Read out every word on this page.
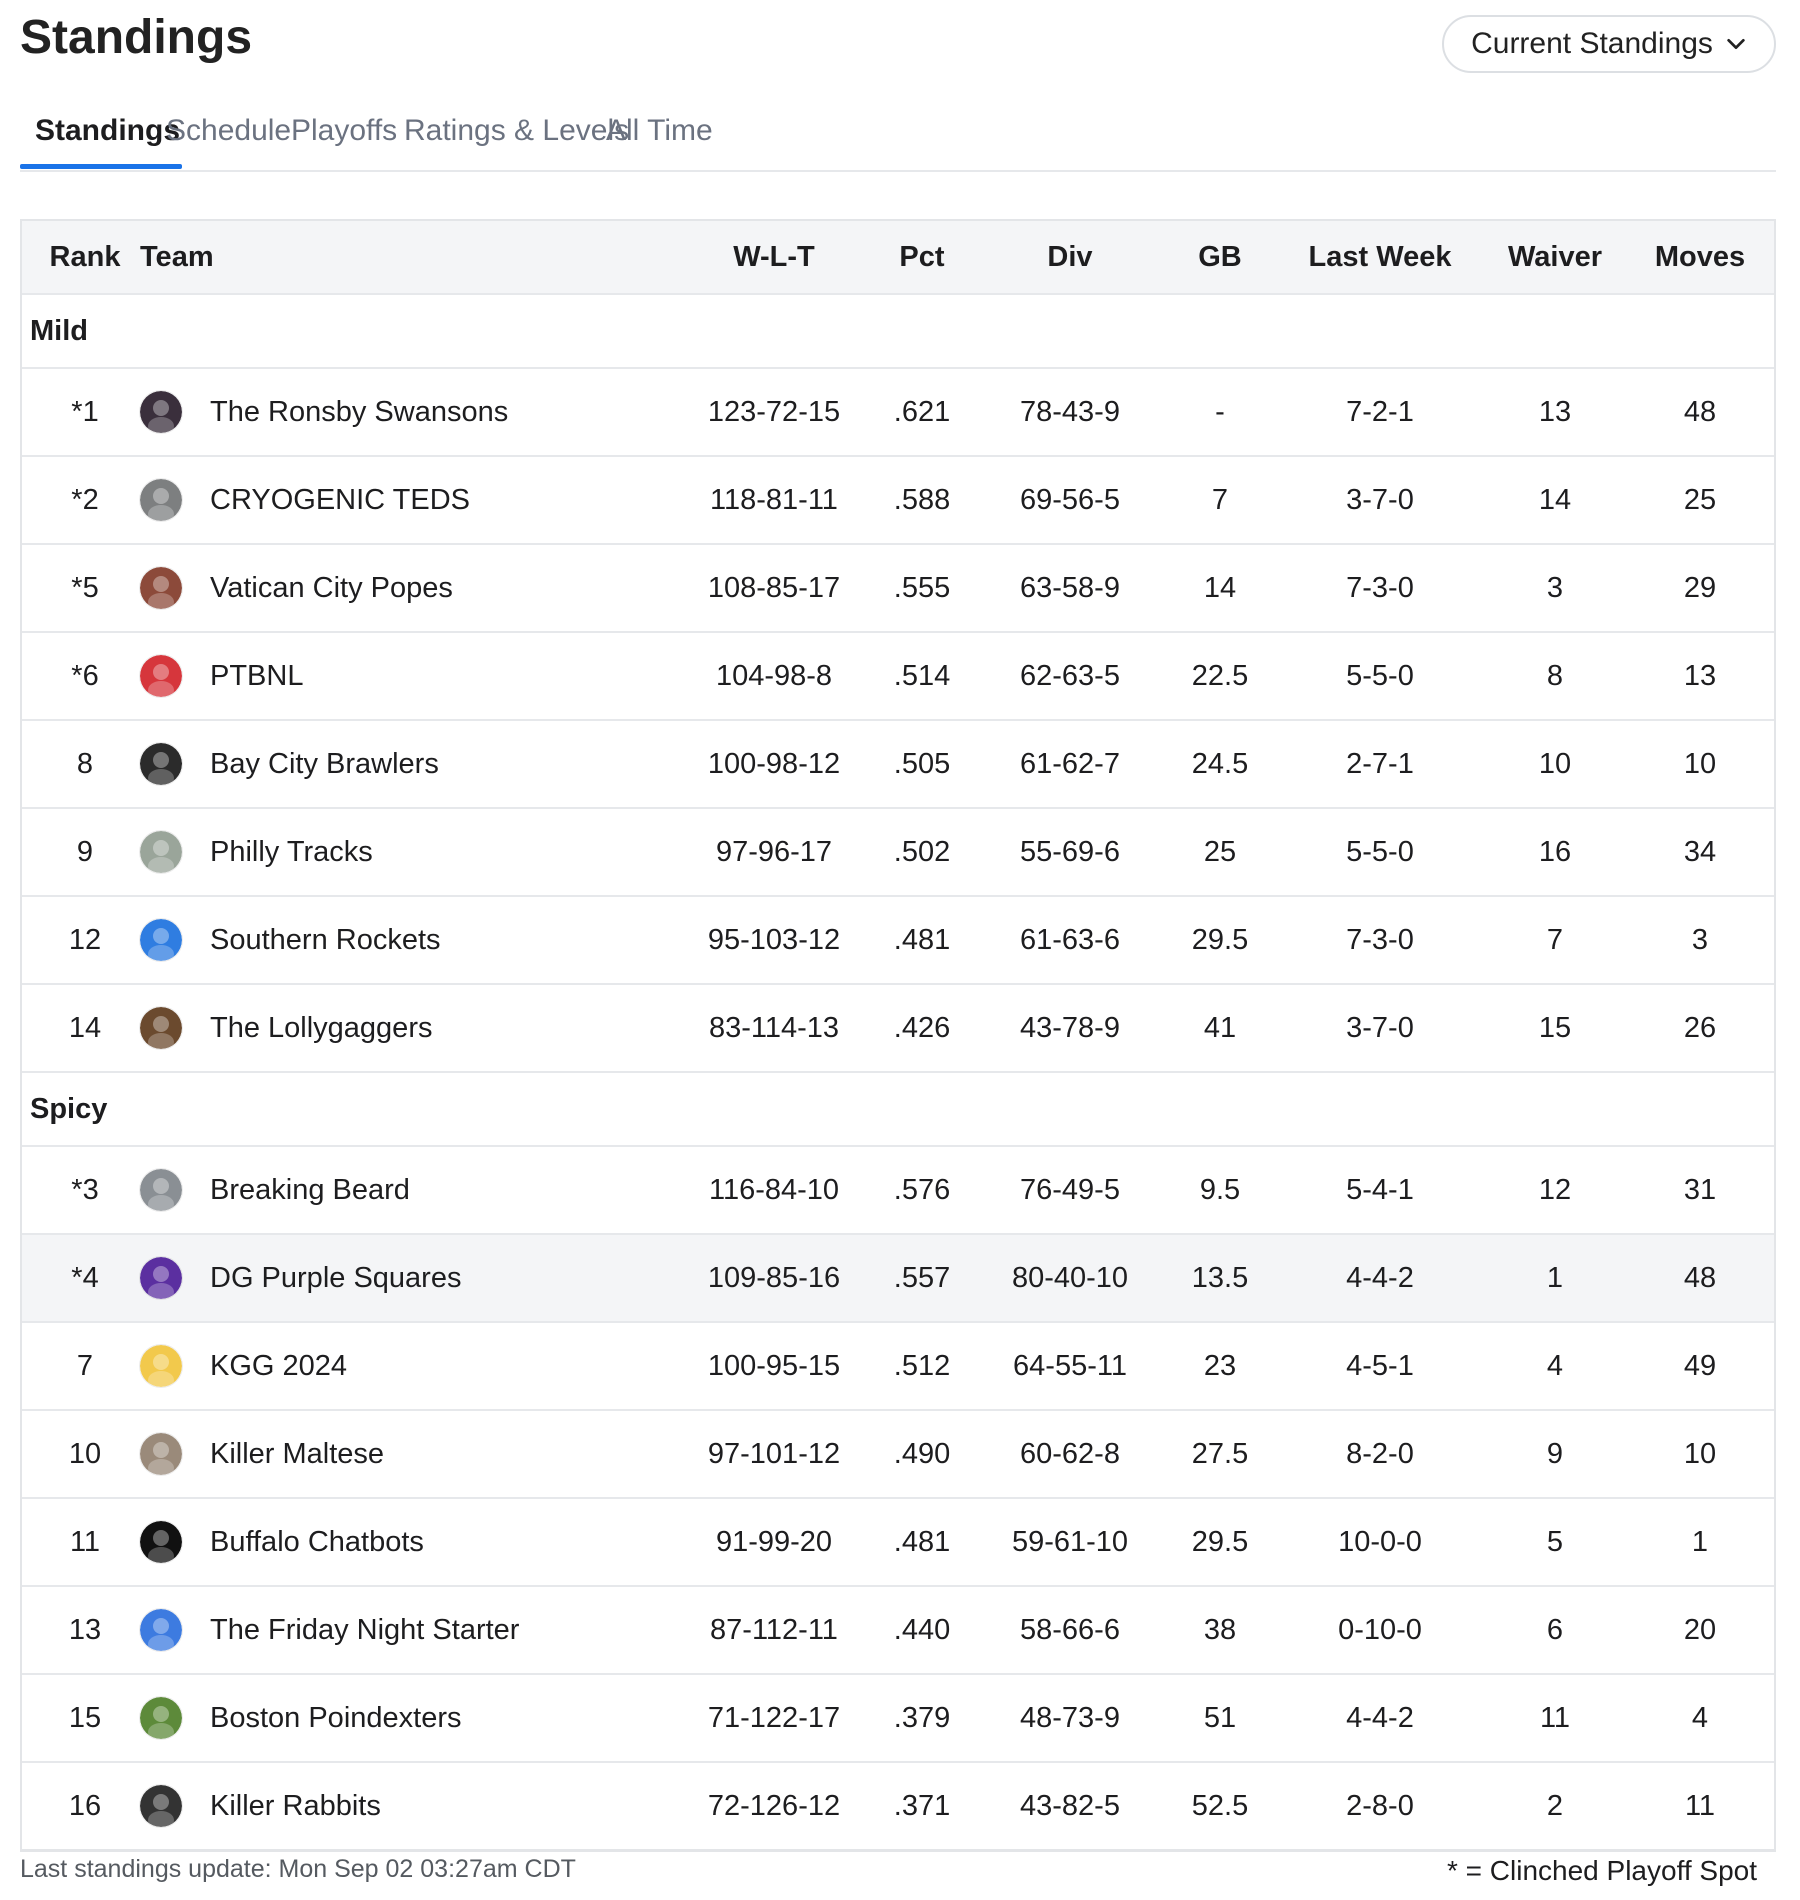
Standings	Current Standings
Standings
Schedule Playoffs Ratings & Levels
All Time
Rank Team	W-L-T	Pct	Div	GB	Last Week	Waiver	Moves
Mild
*1	The Ronsby Swansons	123-72-15	.621	78-43-9	-	7-2-1	13	48
*2	CRYOGENIC TEDS	118-81-11	.588	69-56-5	7	3-7-0	14	25
*5	Vatican City Popes	108-85-17	.555	63-58-9	14	7-3-0	3	29
*6	PTBNL	104-98-8	.514	62-63-5	22.5	5-5-0	8	13
8	Bay City Brawlers	100-98-12	.505	61-62-7	24.5	2-7-1	10	10
9	Philly Tracks	97-96-17	.502	55-69-6	25	5-5-0	16	34
12	Southern Rockets	95-103-12	.481	61-63-6	29.5	7-3-0	7	3
14	The Lollygaggers	83-114-13	.426	43-78-9	41	3-7-0	15	26
Spicy
*3	Breaking Beard	116-84-10	.576	76-49-5	9.5	5-4-1	12	31
*4	DG Purple Squares	109-85-16	.557	80-40-10	13.5	4-4-2	1	48
7	KGG 2024	100-95-15	.512	64-55-11	23	4-5-1	4	49
10	Killer Maltese	97-101-12	.490	60-62-8	27.5	8-2-0	9	10
11	Buffalo Chatbots	91-99-20	.481	59-61-10	29.5	10-0-0	5	1
13	The Friday Night Starter	87-112-11	.440	58-66-6	38	0-10-0	6	20
15	Boston Poindexters	71-122-17	.379	48-73-9	51	4-4-2	11	4
16	Killer Rabbits	72-126-12	.371	43-82-5	52.5	2-8-0	2	11
Last standings update: Mon Sep 02 03:27am CDT	* = Clinched Playoff Spot
